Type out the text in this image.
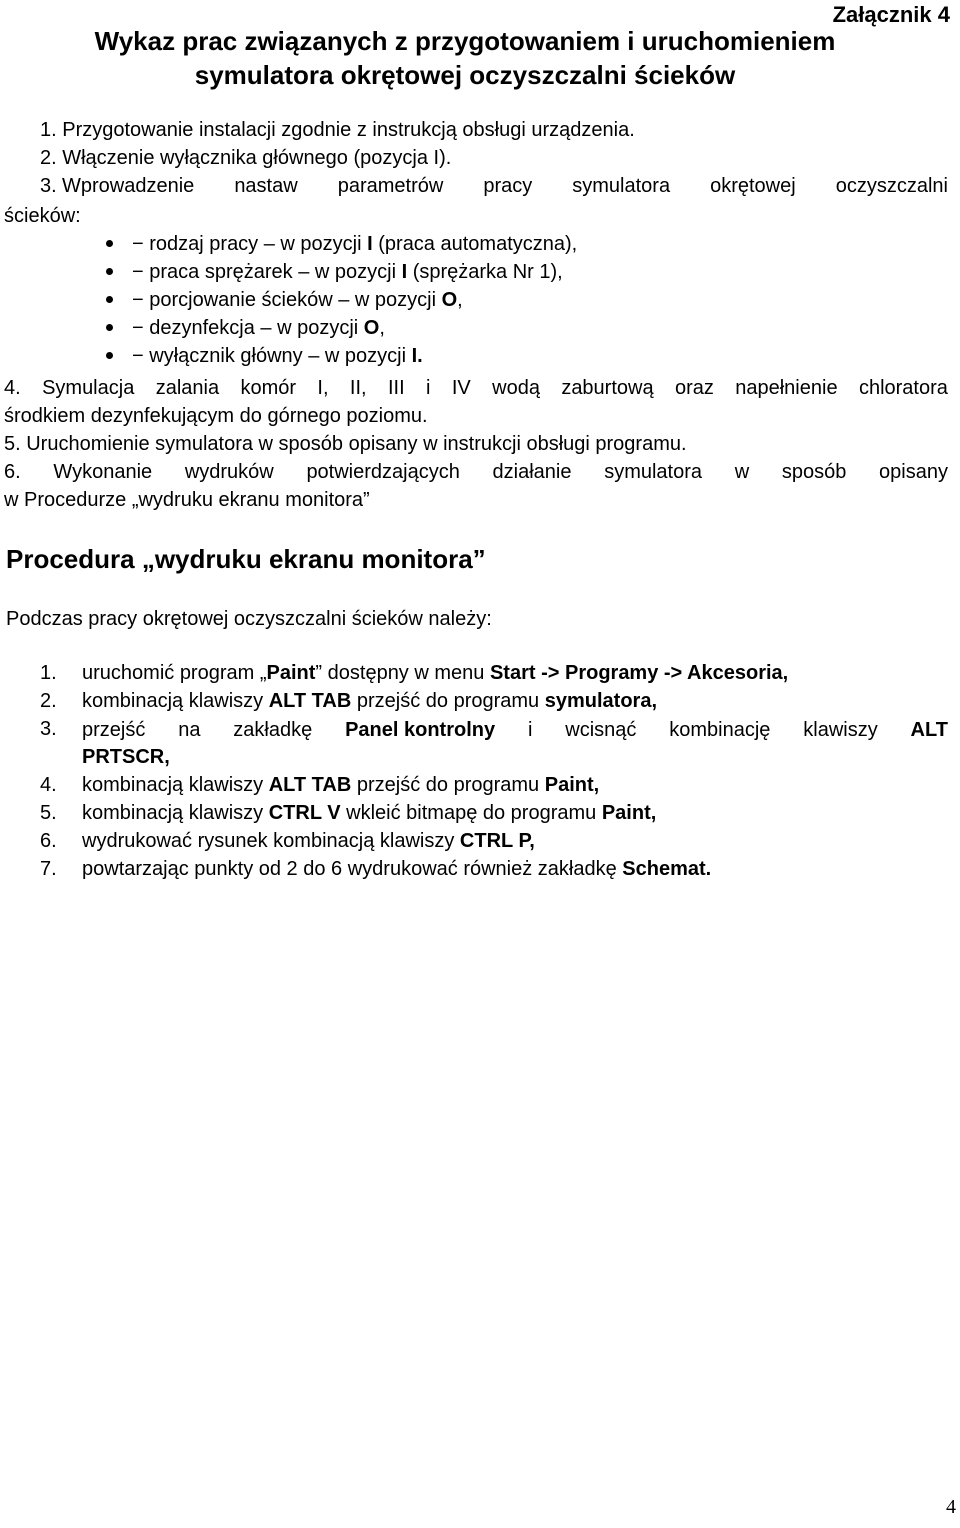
Załącznik 4
Wykaz prac związanych z przygotowaniem i uruchomieniem
symulatora okrętowej oczyszczalni ścieków
1. Przygotowanie instalacji zgodnie z instrukcją obsługi urządzenia.
2. Włączenie wyłącznika głównego (pozycja I).
3. Wprowadzenie nastaw parametrów pracy symulatora okrętowej oczyszczalni
ścieków:
− rodzaj pracy – w pozycji I (praca automatyczna),
− praca sprężarek – w pozycji I (sprężarka Nr 1),
− porcjowanie ścieków – w pozycji O,
− dezynfekcja – w pozycji O,
− wyłącznik główny – w pozycji I.
4. Symulacja zalania komór I, II, III i IV wodą zaburtową oraz napełnienie chloratora
środkiem dezynfekującym do górnego poziomu.
5. Uruchomienie symulatora w sposób opisany w instrukcji obsługi programu.
6. Wykonanie wydruków potwierdzających działanie symulatora w sposób opisany
w Procedurze „wydruku ekranu monitora”
Procedura „wydruku ekranu monitora”
Podczas pracy okrętowej oczyszczalni ścieków należy:
1.	uruchomić program „Paint” dostępny w menu Start -> Programy -> Akcesoria,
2.	kombinacją klawiszy ALT TAB przejść do programu symulatora,
3.	przejść na zakładkę Panel kontrolny i wcisnąć kombinację klawiszy ALT
PRTSCR,
4.	kombinacją klawiszy ALT TAB przejść do programu Paint,
5.	kombinacją klawiszy CTRL V wkleić bitmapę do programu Paint,
6.	wydrukować rysunek kombinacją klawiszy CTRL P,
7.	powtarzając punkty od 2 do 6 wydrukować również zakładkę Schemat.
4
